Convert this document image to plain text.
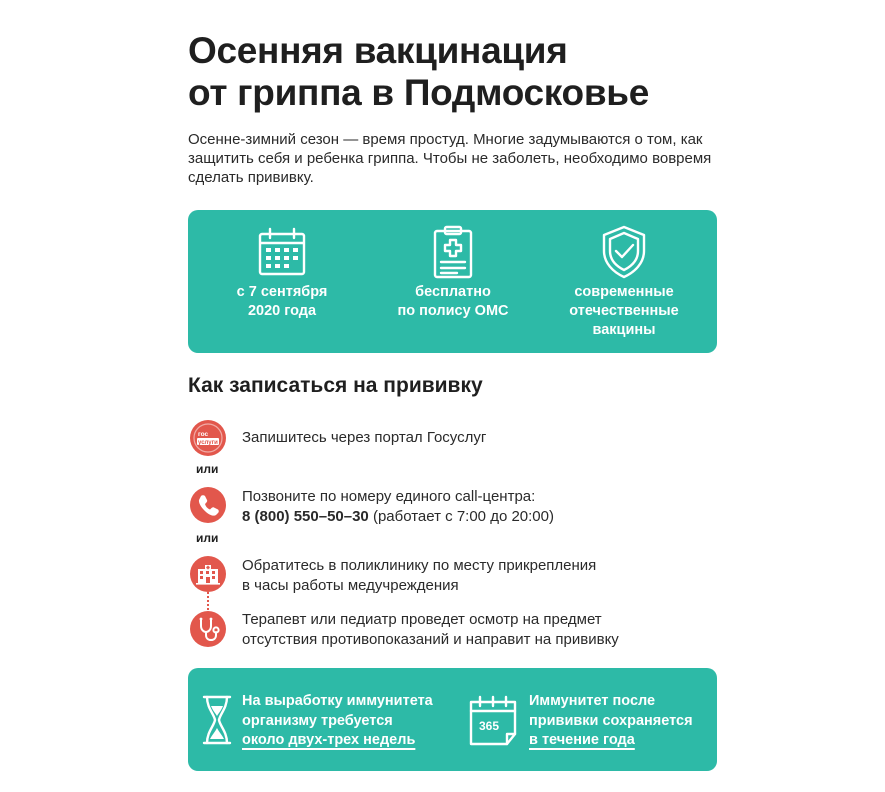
Осенняя вакцинация
от гриппа в Подмосковье

Осенне-зимний сезон — время простуд. Многие задумываются о том, как защитить себя и ребенка гриппа. Чтобы не заболеть, необходимо вовремя сделать прививку.

с 7 сентября
2020 года
бесплатно
по полису ОМС
современные
отечественные
вакцины
Как записаться на прививку
гос
услуги Запишитесь через портал Госуслуг
или
Позвоните по номеру единого call-центра:
8 (800) 550–50–30 (работает с 7:00 до 20:00)
или
Обратитесь в поликлинику по месту прикрепления
в часы работы медучреждения
Терапевт или педиатр проведет осмотр на предмет
отсутствия противопоказаний и направит на прививку
На выработку иммунитета
организму требуется
около двух-трех недель
365
Иммунитет после
прививки сохраняется
в течение года
